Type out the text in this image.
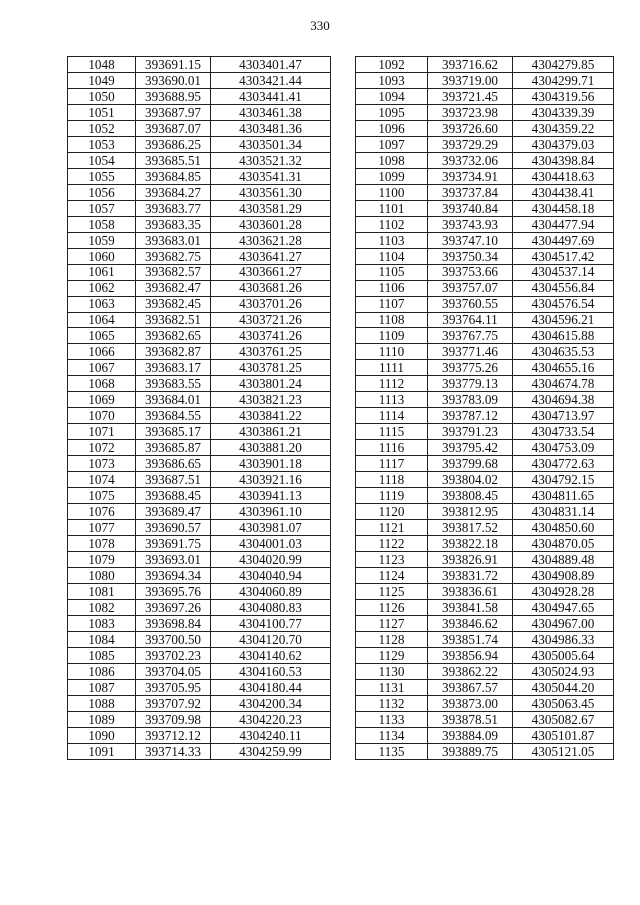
330
1048	393691.15	4303401.47
1049	393690.01	4303421.44
1050	393688.95	4303441.41
1051	393687.97	4303461.38
1052	393687.07	4303481.36
1053	393686.25	4303501.34
1054	393685.51	4303521.32
1055	393684.85	4303541.31
1056	393684.27	4303561.30
1057	393683.77	4303581.29
1058	393683.35	4303601.28
1059	393683.01	4303621.28
1060	393682.75	4303641.27
1061	393682.57	4303661.27
1062	393682.47	4303681.26
1063	393682.45	4303701.26
1064	393682.51	4303721.26
1065	393682.65	4303741.26
1066	393682.87	4303761.25
1067	393683.17	4303781.25
1068	393683.55	4303801.24
1069	393684.01	4303821.23
1070	393684.55	4303841.22
1071	393685.17	4303861.21
1072	393685.87	4303881.20
1073	393686.65	4303901.18
1074	393687.51	4303921.16
1075	393688.45	4303941.13
1076	393689.47	4303961.10
1077	393690.57	4303981.07
1078	393691.75	4304001.03
1079	393693.01	4304020.99
1080	393694.34	4304040.94
1081	393695.76	4304060.89
1082	393697.26	4304080.83
1083	393698.84	4304100.77
1084	393700.50	4304120.70
1085	393702.23	4304140.62
1086	393704.05	4304160.53
1087	393705.95	4304180.44
1088	393707.92	4304200.34
1089	393709.98	4304220.23
1090	393712.12	4304240.11
1091	393714.33	4304259.99
1092	393716.62	4304279.85
1093	393719.00	4304299.71
1094	393721.45	4304319.56
1095	393723.98	4304339.39
1096	393726.60	4304359.22
1097	393729.29	4304379.03
1098	393732.06	4304398.84
1099	393734.91	4304418.63
1100	393737.84	4304438.41
1101	393740.84	4304458.18
1102	393743.93	4304477.94
1103	393747.10	4304497.69
1104	393750.34	4304517.42
1105	393753.66	4304537.14
1106	393757.07	4304556.84
1107	393760.55	4304576.54
1108	393764.11	4304596.21
1109	393767.75	4304615.88
1110	393771.46	4304635.53
1111	393775.26	4304655.16
1112	393779.13	4304674.78
1113	393783.09	4304694.38
1114	393787.12	4304713.97
1115	393791.23	4304733.54
1116	393795.42	4304753.09
1117	393799.68	4304772.63
1118	393804.02	4304792.15
1119	393808.45	4304811.65
1120	393812.95	4304831.14
1121	393817.52	4304850.60
1122	393822.18	4304870.05
1123	393826.91	4304889.48
1124	393831.72	4304908.89
1125	393836.61	4304928.28
1126	393841.58	4304947.65
1127	393846.62	4304967.00
1128	393851.74	4304986.33
1129	393856.94	4305005.64
1130	393862.22	4305024.93
1131	393867.57	4305044.20
1132	393873.00	4305063.45
1133	393878.51	4305082.67
1134	393884.09	4305101.87
1135	393889.75	4305121.05
